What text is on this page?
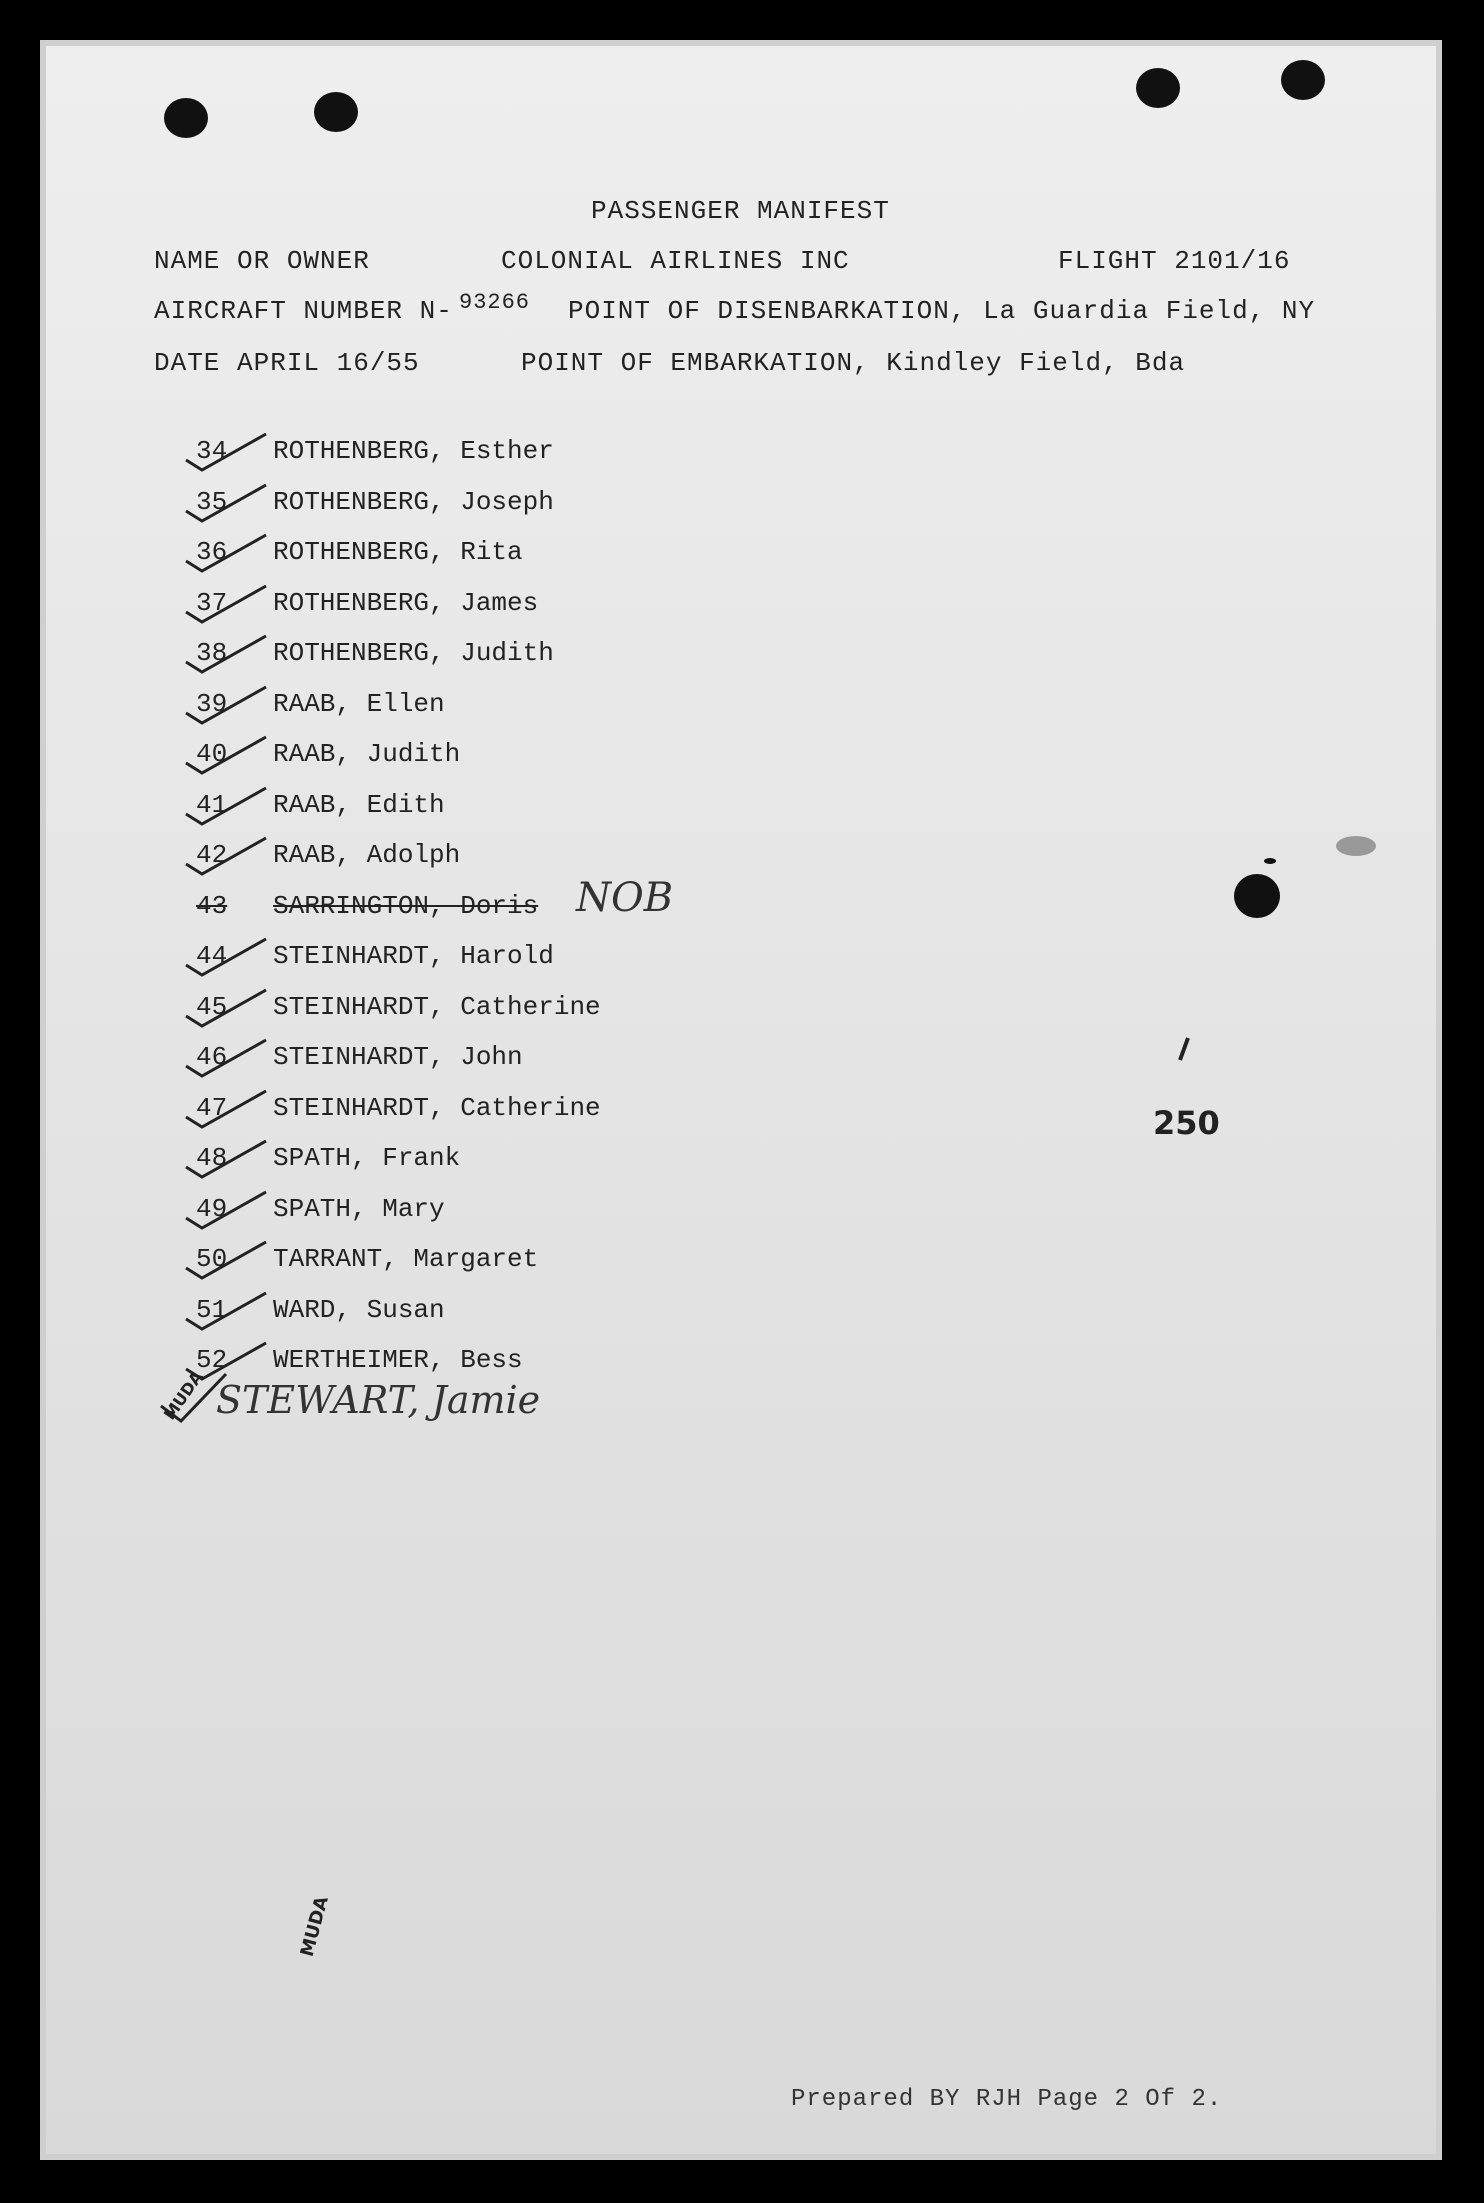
PASSENGER MANIFEST
NAME OR OWNER	COLONIAL AIRLINES INC	FLIGHT 2101/16
AIRCRAFT NUMBER N- 93266 POINT OF DISENBARKATION, La Guardia Field, NY
DATE APRIL 16/55	POINT OF EMBARKATION, Kindley Field, Bda
34 ROTHENBERG, Esther
35 ROTHENBERG, Joseph
36 ROTHENBERG, Rita
37 ROTHENBERG, James
38 ROTHENBERG, Judith
39 RAAB, Ellen
40 RAAB, Judith
41 RAAB, Edith
42 RAAB, Adolph
43 SARRINGTON, Doris NOB
44 STEINHARDT, Harold
45 STEINHARDT, Catherine
46 STEINHARDT, John
47 STEINHARDT, Catherine
48 SPATH, Frank
49 SPATH, Mary
50 TARRANT, Margaret
51 WARD, Susan
52 WERTHEIMER, Bess
STEWART, Jamie
MUDA
MUDA
250
Prepared BY RJH Page 2 Of 2.
